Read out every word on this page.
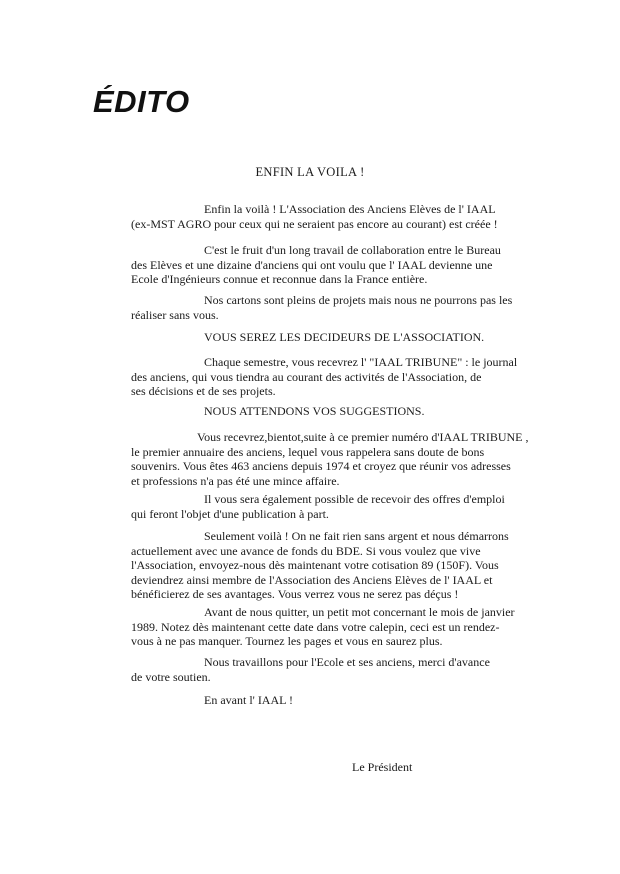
ÉDITO
ENFIN LA VOILA !
Enfin la voilà ! L'Association des Anciens Elèves de l' IAAL
(ex-MST AGRO pour ceux qui ne seraient pas encore au courant) est créée !
C'est le fruit d'un long travail de collaboration entre le Bureau
des Elèves et une dizaine d'anciens qui ont voulu que l' IAAL devienne une
Ecole d'Ingénieurs connue et reconnue dans la France entière.
Nos cartons sont pleins de projets mais nous ne pourrons pas les
réaliser sans vous.
VOUS SEREZ LES DECIDEURS DE L'ASSOCIATION.
Chaque semestre, vous recevrez l' "IAAL TRIBUNE" : le journal
des anciens, qui vous tiendra au courant des activités de l'Association, de
ses décisions et de ses projets.
NOUS ATTENDONS VOS SUGGESTIONS.
Vous recevrez,bientot,suite à ce premier numéro d'IAAL TRIBUNE ,
le premier annuaire des anciens, lequel vous rappelera sans doute de bons
souvenirs. Vous êtes 463 anciens depuis 1974 et croyez que réunir vos adresses
et professions n'a pas été une mince affaire.
Il vous sera également possible de recevoir des offres d'emploi
qui feront l'objet d'une publication à part.
Seulement voilà ! On ne fait rien sans argent et nous démarrons
actuellement avec une avance de fonds du BDE. Si vous voulez que vive
l'Association, envoyez-nous dès maintenant votre cotisation 89 (150F). Vous
deviendrez ainsi membre de l'Association des Anciens Elèves de l' IAAL et
bénéficierez de ses avantages. Vous verrez vous ne serez pas déçus !
Avant de nous quitter, un petit mot concernant le mois de janvier
1989. Notez dès maintenant cette date dans votre calepin, ceci est un rendez-
vous à ne pas manquer. Tournez les pages et vous en saurez plus.
Nous travaillons pour l'Ecole et ses anciens, merci d'avance
de votre soutien.
En avant l' IAAL !
Le Président
